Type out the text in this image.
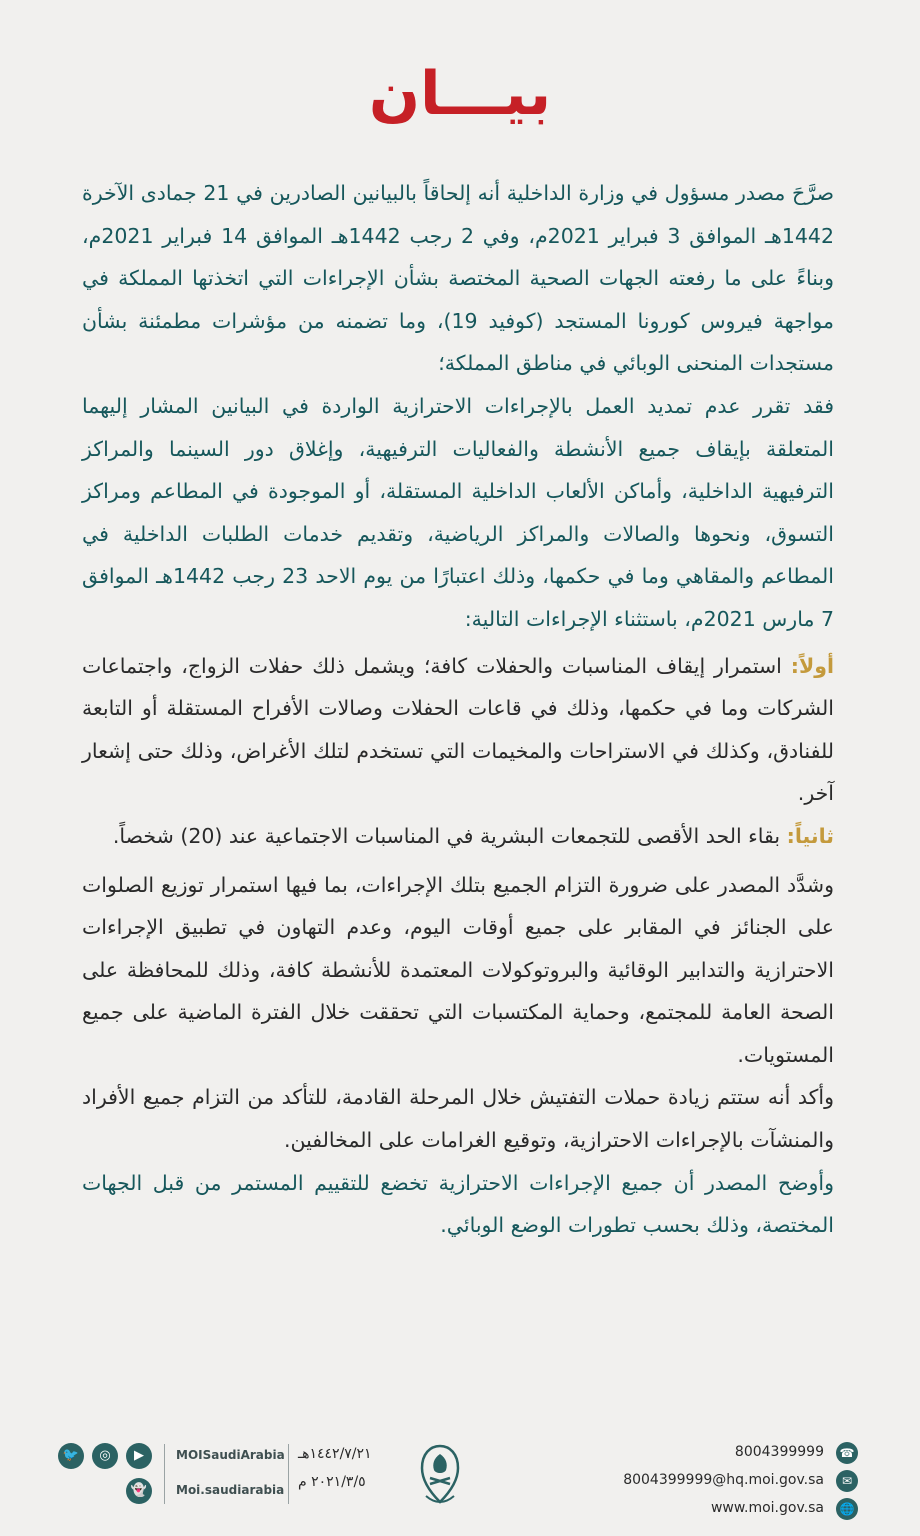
بيـــان

صرَّحَ مصدر مسؤول في وزارة الداخلية أنه إلحاقاً بالبيانين الصادرين في 21 جمادى الآخرة 1442هـ الموافق 3 فبراير 2021م، وفي 2 رجب 1442هـ الموافق 14 فبراير 2021م، وبناءً على ما رفعته الجهات الصحية المختصة بشأن الإجراءات التي اتخذتها المملكة في مواجهة فيروس كورونا المستجد (كوفيد 19)، وما تضمنه من مؤشرات مطمئنة بشأن مستجدات المنحنى الوبائي في مناطق المملكة؛

فقد تقرر عدم تمديد العمل بالإجراءات الاحترازية الواردة في البيانين المشار إليهما المتعلقة بإيقاف جميع الأنشطة والفعاليات الترفيهية، وإغلاق دور السينما والمراكز الترفيهية الداخلية، وأماكن الألعاب الداخلية المستقلة، أو الموجودة في المطاعم ومراكز التسوق، ونحوها والصالات والمراكز الرياضية، وتقديم خدمات الطلبات الداخلية في المطاعم والمقاهي وما في حكمها، وذلك اعتبارًا من يوم الاحد 23 رجب 1442هـ الموافق 7 مارس 2021م، باستثناء الإجراءات التالية:

أولاً: استمرار إيقاف المناسبات والحفلات كافة؛ ويشمل ذلك حفلات الزواج، واجتماعات الشركات وما في حكمها، وذلك في قاعات الحفلات وصالات الأفراح المستقلة أو التابعة للفنادق، وكذلك في الاستراحات والمخيمات التي تستخدم لتلك الأغراض، وذلك حتى إشعار آخر.

ثانياً: بقاء الحد الأقصى للتجمعات البشرية في المناسبات الاجتماعية عند (20) شخصاً.

وشدَّد المصدر على ضرورة التزام الجميع بتلك الإجراءات، بما فيها استمرار توزيع الصلوات على الجنائز في المقابر على جميع أوقات اليوم، وعدم التهاون في تطبيق الإجراءات الاحترازية والتدابير الوقائية والبروتوكولات المعتمدة للأنشطة كافة، وذلك للمحافظة على الصحة العامة للمجتمع، وحماية المكتسبات التي تحققت خلال الفترة الماضية على جميع المستويات.

وأكد أنه ستتم زيادة حملات التفتيش خلال المرحلة القادمة، للتأكد من التزام جميع الأفراد والمنشآت بالإجراءات الاحترازية، وتوقيع الغرامات على المخالفين.

وأوضح المصدر أن جميع الإجراءات الاحترازية تخضع للتقييم المستمر من قبل الجهات المختصة، وذلك بحسب تطورات الوضع الوبائي.

🐦	◎	▶
👻
MOISaudiArabia
Moi.saudiarabia
١٤٤٢/٧/٢١هـ
٢٠٢١/٣/٥ م
8004399999 ☎
8004399999@hq.moi.gov.sa	✉
www.moi.gov.sa 🌐
